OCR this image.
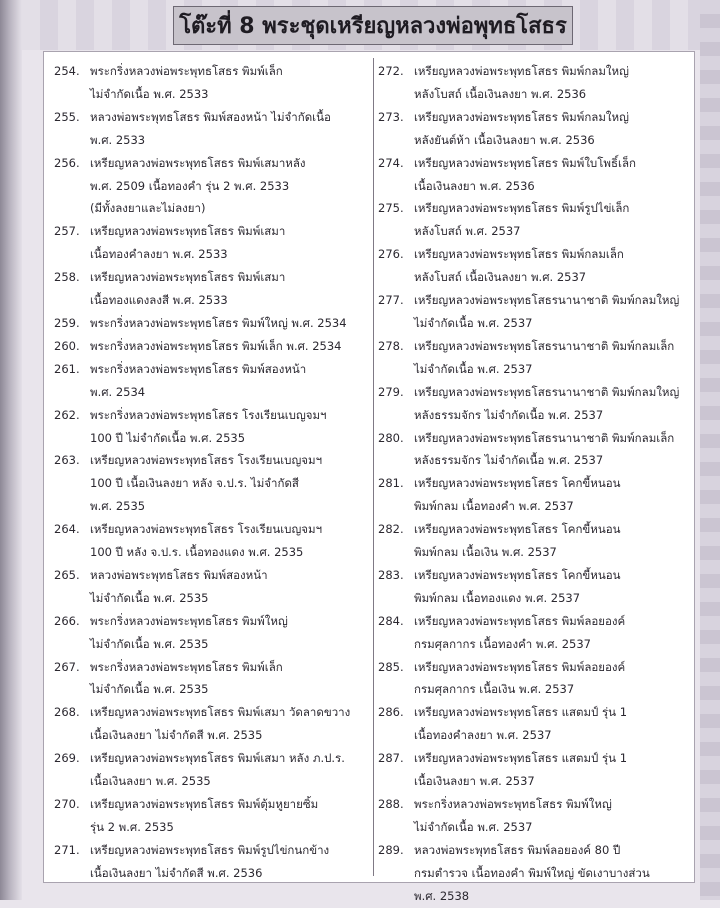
โต๊ะที่ 8 พระชุดเหรียญหลวงพ่อพุทธโสธร
254. พระกริ่งหลวงพ่อพระพุทธโสธร พิมพ์เล็ก
ไม่จำกัดเนื้อ พ.ศ. 2533
255. หลวงพ่อพระพุทธโสธร พิมพ์สองหน้า ไม่จำกัดเนื้อ
พ.ศ. 2533
256. เหรียญหลวงพ่อพระพุทธโสธร พิมพ์เสมาหลัง
พ.ศ. 2509 เนื้อทองคำ รุ่น 2 พ.ศ. 2533
(มีทั้งลงยาและไม่ลงยา)
257. เหรียญหลวงพ่อพระพุทธโสธร พิมพ์เสมา
เนื้อทองคำลงยา พ.ศ. 2533
258. เหรียญหลวงพ่อพระพุทธโสธร พิมพ์เสมา
เนื้อทองแดงลงสี พ.ศ. 2533
259. พระกริ่งหลวงพ่อพระพุทธโสธร พิมพ์ใหญ่ พ.ศ. 2534
260. พระกริ่งหลวงพ่อพระพุทธโสธร พิมพ์เล็ก พ.ศ. 2534
261. พระกริ่งหลวงพ่อพระพุทธโสธร พิมพ์สองหน้า
พ.ศ. 2534
262. พระกริ่งหลวงพ่อพระพุทธโสธร โรงเรียนเบญจมฯ
100 ปี ไม่จำกัดเนื้อ พ.ศ. 2535
263. เหรียญหลวงพ่อพระพุทธโสธร โรงเรียนเบญจมฯ
100 ปี เนื้อเงินลงยา หลัง จ.ป.ร. ไม่จำกัดสี
พ.ศ. 2535
264. เหรียญหลวงพ่อพระพุทธโสธร โรงเรียนเบญจมฯ
100 ปี หลัง จ.ป.ร. เนื้อทองแดง พ.ศ. 2535
265. หลวงพ่อพระพุทธโสธร พิมพ์สองหน้า
ไม่จำกัดเนื้อ พ.ศ. 2535
266. พระกริ่งหลวงพ่อพระพุทธโสธร พิมพ์ใหญ่
ไม่จำกัดเนื้อ พ.ศ. 2535
267. พระกริ่งหลวงพ่อพระพุทธโสธร พิมพ์เล็ก
ไม่จำกัดเนื้อ พ.ศ. 2535
268. เหรียญหลวงพ่อพระพุทธโสธร พิมพ์เสมา วัดลาดขวาง
เนื้อเงินลงยา ไม่จำกัดสี พ.ศ. 2535
269. เหรียญหลวงพ่อพระพุทธโสธร พิมพ์เสมา หลัง ภ.ป.ร.
เนื้อเงินลงยา พ.ศ. 2535
270. เหรียญหลวงพ่อพระพุทธโสธร พิมพ์ตุ้มหูยายซิ้ม
รุ่น 2 พ.ศ. 2535
271. เหรียญหลวงพ่อพระพุทธโสธร พิมพ์รูปไข่กนกข้าง
เนื้อเงินลงยา ไม่จำกัดสี พ.ศ. 2536
272. เหรียญหลวงพ่อพระพุทธโสธร พิมพ์กลมใหญ่
หลังโบสถ์ เนื้อเงินลงยา พ.ศ. 2536
273. เหรียญหลวงพ่อพระพุทธโสธร พิมพ์กลมใหญ่
หลังยันต์ห้า เนื้อเงินลงยา พ.ศ. 2536
274. เหรียญหลวงพ่อพระพุทธโสธร พิมพ์ใบโพธิ์เล็ก
เนื้อเงินลงยา พ.ศ. 2536
275. เหรียญหลวงพ่อพระพุทธโสธร พิมพ์รูปไข่เล็ก
หลังโบสถ์ พ.ศ. 2537
276. เหรียญหลวงพ่อพระพุทธโสธร พิมพ์กลมเล็ก
หลังโบสถ์ เนื้อเงินลงยา พ.ศ. 2537
277. เหรียญหลวงพ่อพระพุทธโสธรนานาชาติ พิมพ์กลมใหญ่
ไม่จำกัดเนื้อ พ.ศ. 2537
278. เหรียญหลวงพ่อพระพุทธโสธรนานาชาติ พิมพ์กลมเล็ก
ไม่จำกัดเนื้อ พ.ศ. 2537
279. เหรียญหลวงพ่อพระพุทธโสธรนานาชาติ พิมพ์กลมใหญ่
หลังธรรมจักร ไม่จำกัดเนื้อ พ.ศ. 2537
280. เหรียญหลวงพ่อพระพุทธโสธรนานาชาติ พิมพ์กลมเล็ก
หลังธรรมจักร ไม่จำกัดเนื้อ พ.ศ. 2537
281. เหรียญหลวงพ่อพระพุทธโสธร โคกขี้หนอน
พิมพ์กลม เนื้อทองคำ พ.ศ. 2537
282. เหรียญหลวงพ่อพระพุทธโสธร โคกขี้หนอน
พิมพ์กลม เนื้อเงิน พ.ศ. 2537
283. เหรียญหลวงพ่อพระพุทธโสธร โคกขี้หนอน
พิมพ์กลม เนื้อทองแดง พ.ศ. 2537
284. เหรียญหลวงพ่อพระพุทธโสธร พิมพ์ลอยองค์
กรมศุลกากร เนื้อทองคำ พ.ศ. 2537
285. เหรียญหลวงพ่อพระพุทธโสธร พิมพ์ลอยองค์
กรมศุลกากร เนื้อเงิน พ.ศ. 2537
286. เหรียญหลวงพ่อพระพุทธโสธร แสตมป์ รุ่น 1
เนื้อทองคำลงยา พ.ศ. 2537
287. เหรียญหลวงพ่อพระพุทธโสธร แสตมป์ รุ่น 1
เนื้อเงินลงยา พ.ศ. 2537
288. พระกริ่งหลวงพ่อพระพุทธโสธร พิมพ์ใหญ่
ไม่จำกัดเนื้อ พ.ศ. 2537
289. หลวงพ่อพระพุทธโสธร พิมพ์ลอยองค์ 80 ปี
กรมตำรวจ เนื้อทองคำ พิมพ์ใหญ่ ขัดเงาบางส่วน
พ.ศ. 2538
